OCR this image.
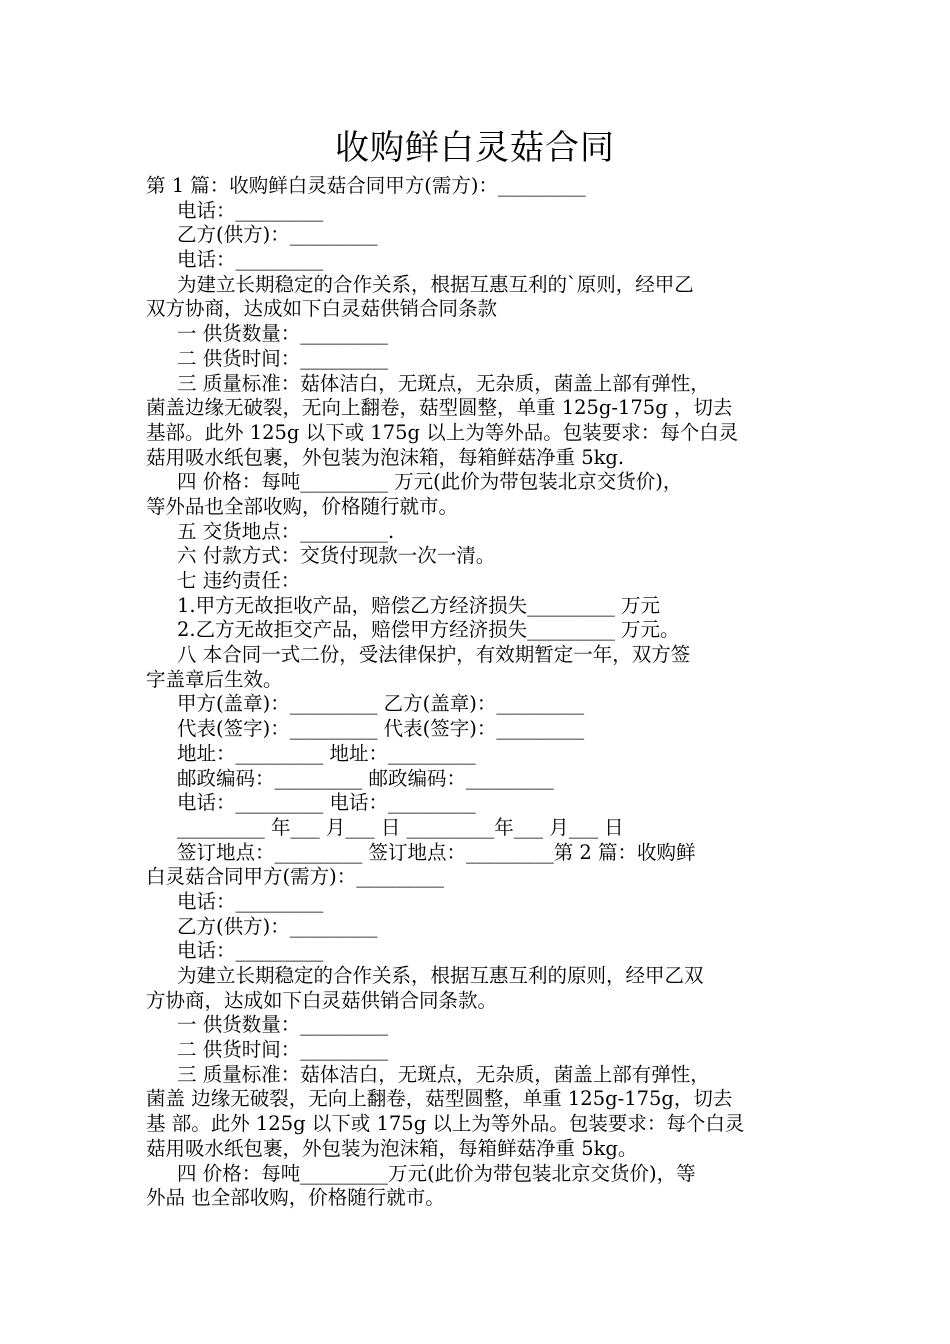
收购鲜白灵菇合同
第 1 篇：收购鲜白灵菇合同甲方(需方)：_________
电话：_________
乙方(供方)：_________
电话：_________
为建立长期稳定的合作关系，根据互惠互利的`原则，经甲乙
双方协商，达成如下白灵菇供销合同条款
一 供货数量：_________
二 供货时间：_________
三 质量标准：菇体洁白，无斑点，无杂质，菌盖上部有弹性，
菌盖边缘无破裂，无向上翻卷，菇型圆整，单重 125g-175g ，切去
基部。此外 125g 以下或 175g 以上为等外品。包装要求：每个白灵
菇用吸水纸包裹，外包装为泡沫箱，每箱鲜菇净重 5kg.
四 价格：每吨_________ 万元(此价为带包装北京交货价)，
等外品也全部收购，价格随行就市。
五 交货地点：_________.
六 付款方式：交货付现款一次一清。
七 违约责任：
1.甲方无故拒收产品，赔偿乙方经济损失_________ 万元
2.乙方无故拒交产品，赔偿甲方经济损失_________ 万元。
八 本合同一式二份，受法律保护，有效期暂定一年，双方签
字盖章后生效。
甲方(盖章)：_________ 乙方(盖章)：_________
代表(签字)：_________ 代表(签字)：_________
地址：_________ 地址：_________
邮政编码：_________ 邮政编码：_________
电话：_________ 电话：_________
_________ 年___ 月___ 日 _________年___ 月___ 日
签订地点：_________ 签订地点：_________第 2 篇：收购鲜
白灵菇合同甲方(需方)：_________
电话：_________
乙方(供方)：_________
电话：_________
为建立长期稳定的合作关系，根据互惠互利的原则，经甲乙双
方协商，达成如下白灵菇供销合同条款。
一 供货数量：_________
二 供货时间：_________
三 质量标准：菇体洁白，无斑点，无杂质，菌盖上部有弹性，
菌盖 边缘无破裂，无向上翻卷，菇型圆整，单重 125g-175g，切去
基 部。此外 125g 以下或 175g 以上为等外品。包装要求：每个白灵
菇用吸水纸包裹，外包装为泡沫箱，每箱鲜菇净重 5kg。
四 价格：每吨_________万元(此价为带包装北京交货价)，等
外品 也全部收购，价格随行就市。
